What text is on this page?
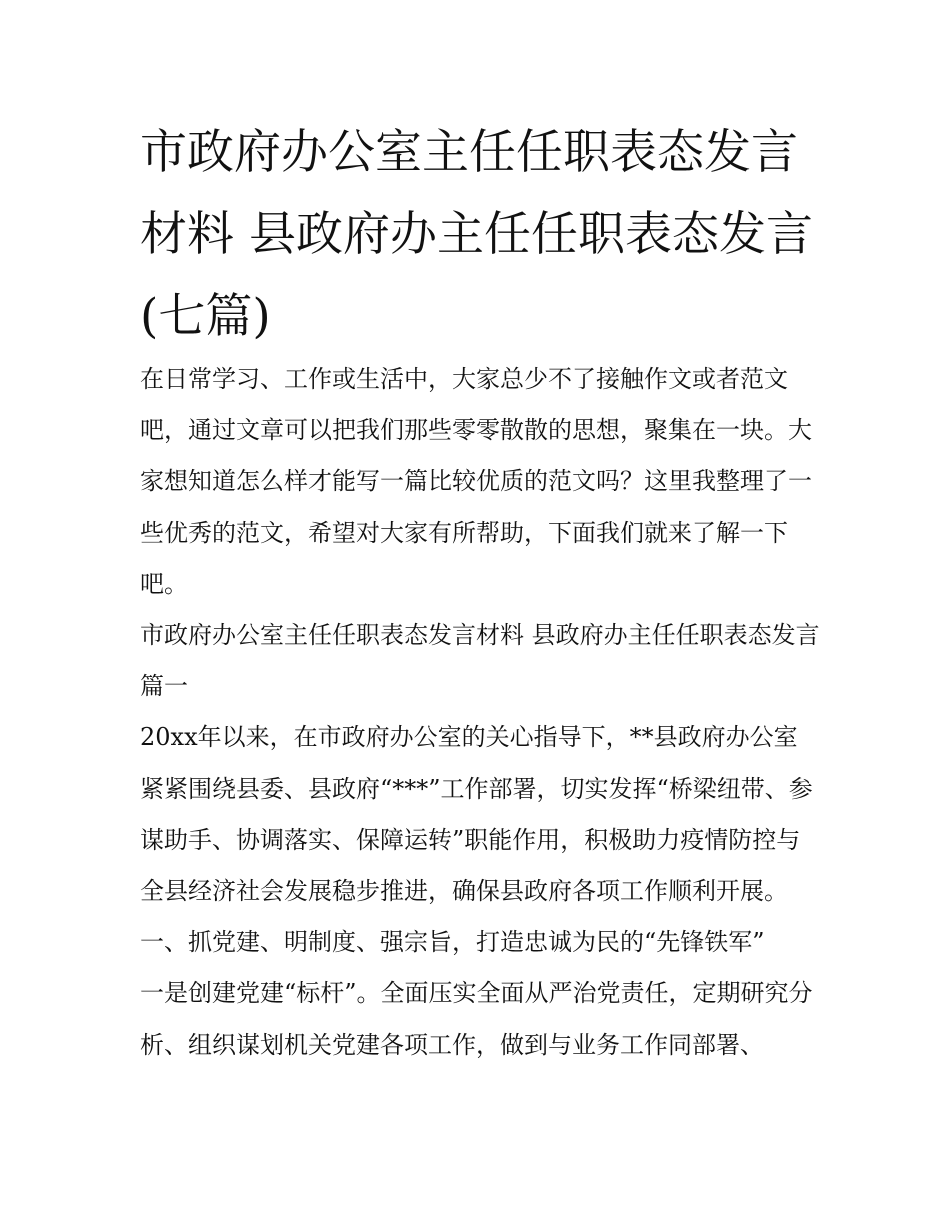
市政府办公室主任任职表态发言材料 县政府办主任任职表态发言(七篇)

在日常学习、工作或生活中，大家总少不了接触作文或者范文吧，通过文章可以把我们那些零零散散的思想，聚集在一块。大家想知道怎么样才能写一篇比较优质的范文吗？这里我整理了一些优秀的范文，希望对大家有所帮助，下面我们就来了解一下吧。

市政府办公室主任任职表态发言材料 县政府办主任任职表态发言篇一

20xx年以来，在市政府办公室的关心指导下，**县政府办公室紧紧围绕县委、县政府“***”工作部署，切实发挥“桥梁纽带、参谋助手、协调落实、保障运转”职能作用，积极助力疫情防控与全县经济社会发展稳步推进，确保县政府各项工作顺利开展。

一、抓党建、明制度、强宗旨，打造忠诚为民的“先锋铁军”

一是创建党建“标杆”。全面压实全面从严治党责任，定期研究分析、组织谋划机关党建各项工作，做到与业务工作同部署、
